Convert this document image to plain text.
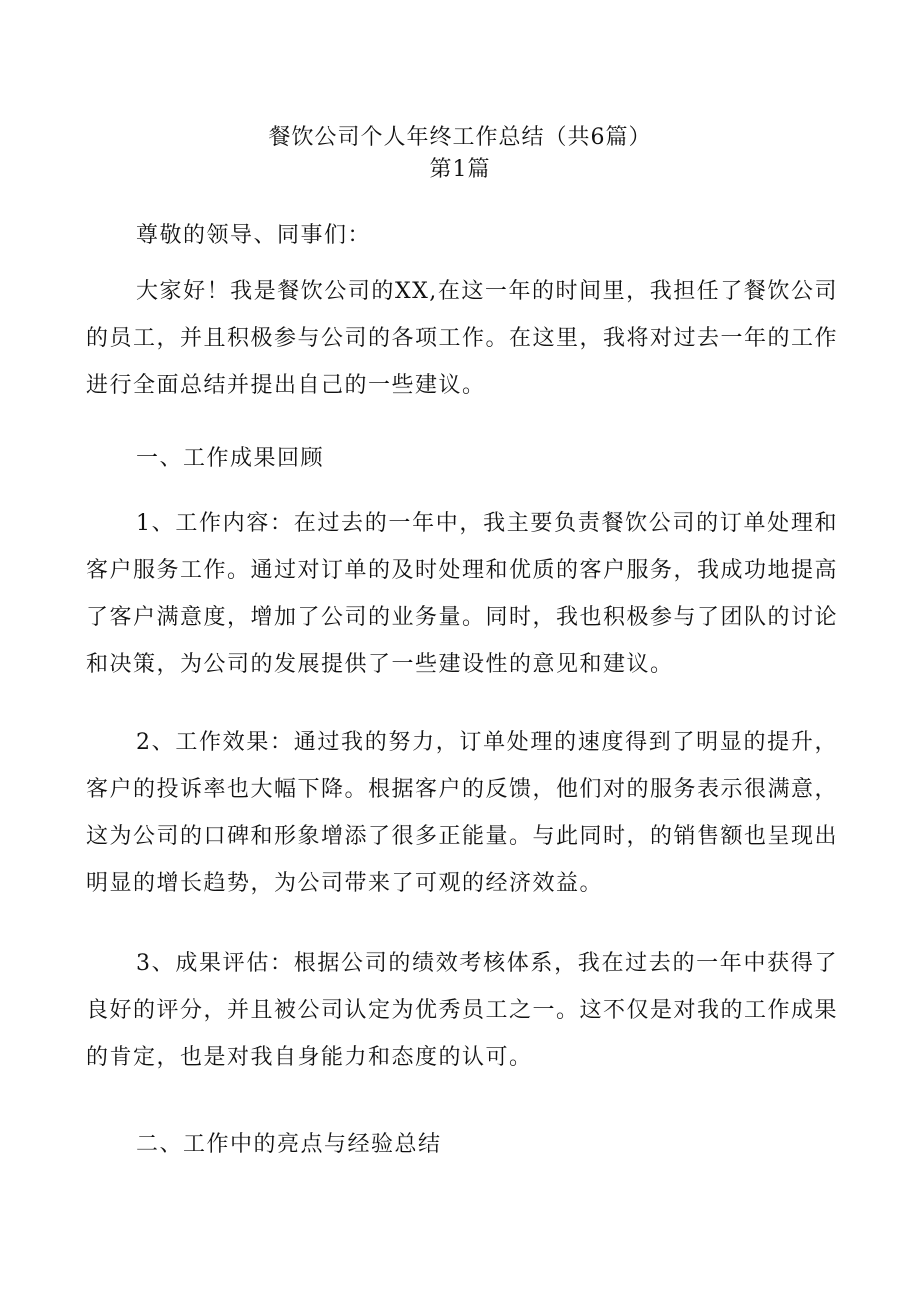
餐饮公司个人年终工作总结（共6篇）
第1篇
尊敬的领导、同事们：
大家好！我是餐饮公司的XX,在这一年的时间里，我担任了餐饮公司的员工，并且积极参与公司的各项工作。在这里，我将对过去一年的工作进行全面总结并提出自己的一些建议。
一、工作成果回顾
1、工作内容：在过去的一年中，我主要负责餐饮公司的订单处理和客户服务工作。通过对订单的及时处理和优质的客户服务，我成功地提高了客户满意度，增加了公司的业务量。同时，我也积极参与了团队的讨论和决策，为公司的发展提供了一些建设性的意见和建议。
2、工作效果：通过我的努力，订单处理的速度得到了明显的提升，客户的投诉率也大幅下降。根据客户的反馈，他们对的服务表示很满意，这为公司的口碑和形象增添了很多正能量。与此同时，的销售额也呈现出明显的增长趋势，为公司带来了可观的经济效益。
3、成果评估：根据公司的绩效考核体系，我在过去的一年中获得了良好的评分，并且被公司认定为优秀员工之一。这不仅是对我的工作成果的肯定，也是对我自身能力和态度的认可。
二、工作中的亮点与经验总结
